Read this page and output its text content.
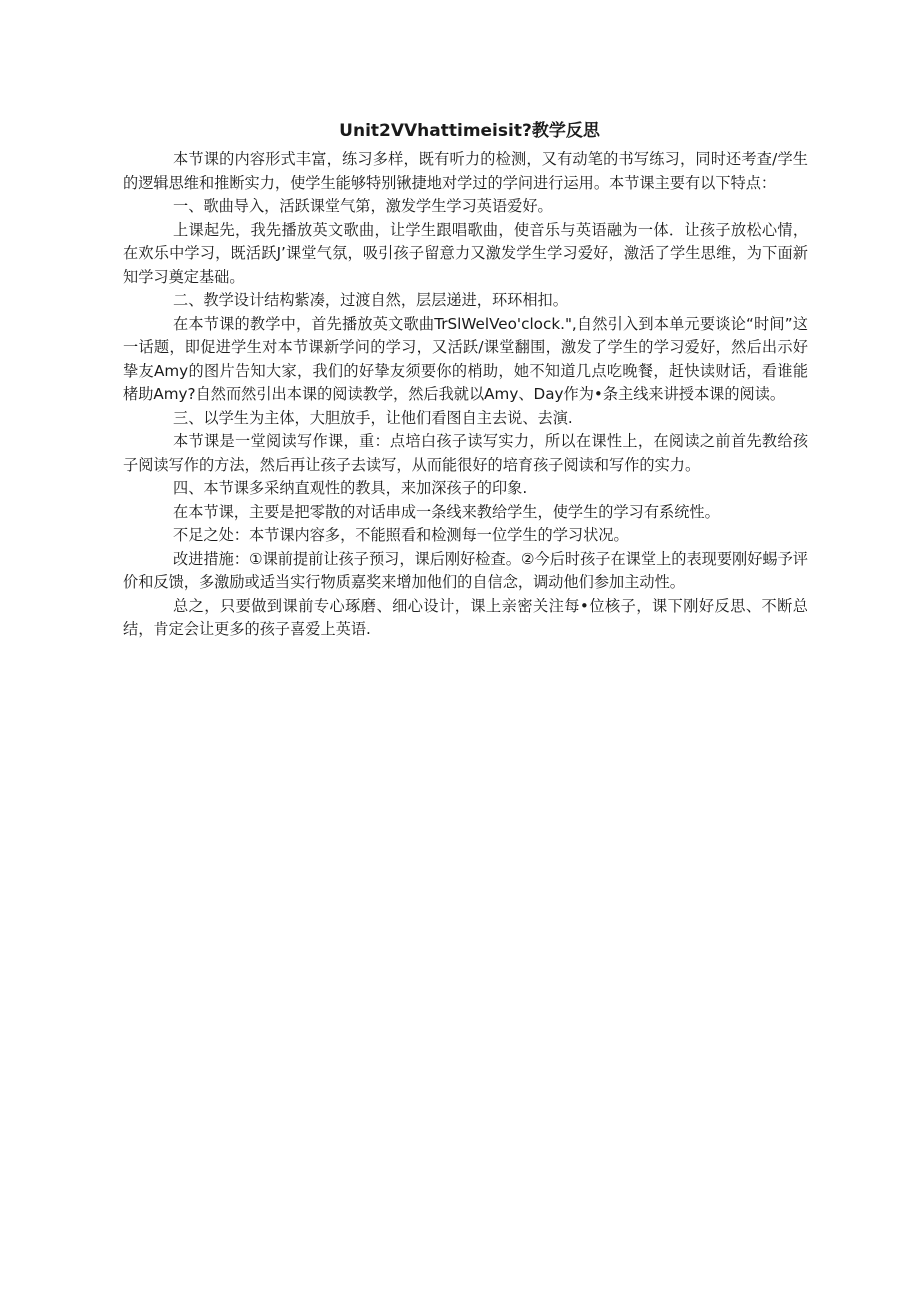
Unit2VVhattimeisit?教学反思

本节课的内容形式丰富，练习多样，既有听力的检测，又有动笔的书写练习，同时还考查/学生的逻辑思维和推断实力，使学生能够特别锹捷地对学过的学问进行运用。本节课主要有以下特点：

一、歌曲导入，活跃课堂气第，激发学生学习英语爱好。

上课起先，我先播放英文歌曲，让学生跟唱歌曲，使音乐与英语融为一体．让孩子放松心情，在欢乐中学习，既活跃J’课堂气氛，吸引孩子留意力又激发学生学习爱好，激活了学生思维，为下面新知学习奠定基础。

二、教学设计结构紫凑，过渡自然，层层递进，环环相扣。

在本节课的教学中，首先播放英文歌曲TrSlWelVeo'clock.",自然引入到本单元要谈论“时间”这一话题，即促进学生对本节课新学问的学习，又活跃/课堂翻围，激发了学生的学习爱好，然后出示好挚友Amy的图片告知大家，我们的好挚友须要你的梢助，她不知道几点吃晚餐，赶快读财话，看谁能楮助Amy?自然而然引出本课的阅读教学，然后我就以Amy、Day作为•条主线来讲授本课的阅读。

三、以学生为主体，大胆放手，让他们看图自主去说、去演.

本节课是一堂阅读写作课，重：点培白孩子读写实力，所以在课性上，在阅读之前首先教给孩子阅读写作的方法，然后再让孩子去读写，从而能很好的培育孩子阅读和写作的实力。

四、本节课多采纳直观性的教具，来加深孩子的印象.

在本节课，主要是把零散的对话串成一条线来教给学生，使学生的学习有系统性。

不足之处：本节课内容多，不能照看和检测每一位学生的学习状况。

改进措施：①课前提前让孩子预习，课后刚好检查。②今后时孩子在课堂上的表现要刚好蜴予评价和反馈，多激励或适当实行物质嘉奖来增加他们的自信念，调动他们参加主动性。

总之，只要做到课前专心琢磨、细心设计，课上亲密关注每•位核子，课下刚好反思、不断总结，肯定会让更多的孩子喜爱上英语.
